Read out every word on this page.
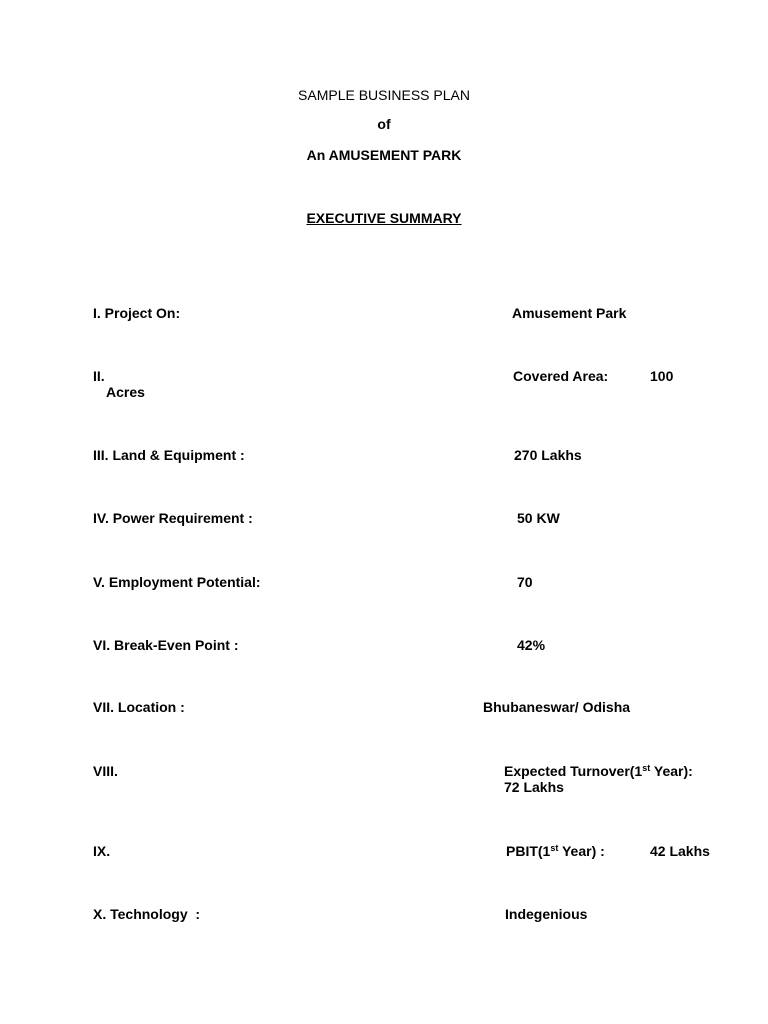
SAMPLE BUSINESS PLAN
of
An AMUSEMENT PARK
EXECUTIVE SUMMARY
I. Project On:	Amusement Park
II.	Covered Area:	100
Acres
III. Land & Equipment :	270 Lakhs
IV. Power Requirement :	50 KW
V. Employment Potential:	70
VI. Break-Even Point :	42%
VII. Location :	Bhubaneswar/ Odisha
VIII.	Expected Turnover(1st Year):
72 Lakhs
IX.	PBIT(1st Year) :	42 Lakhs
X. Technology  :	Indegenious
